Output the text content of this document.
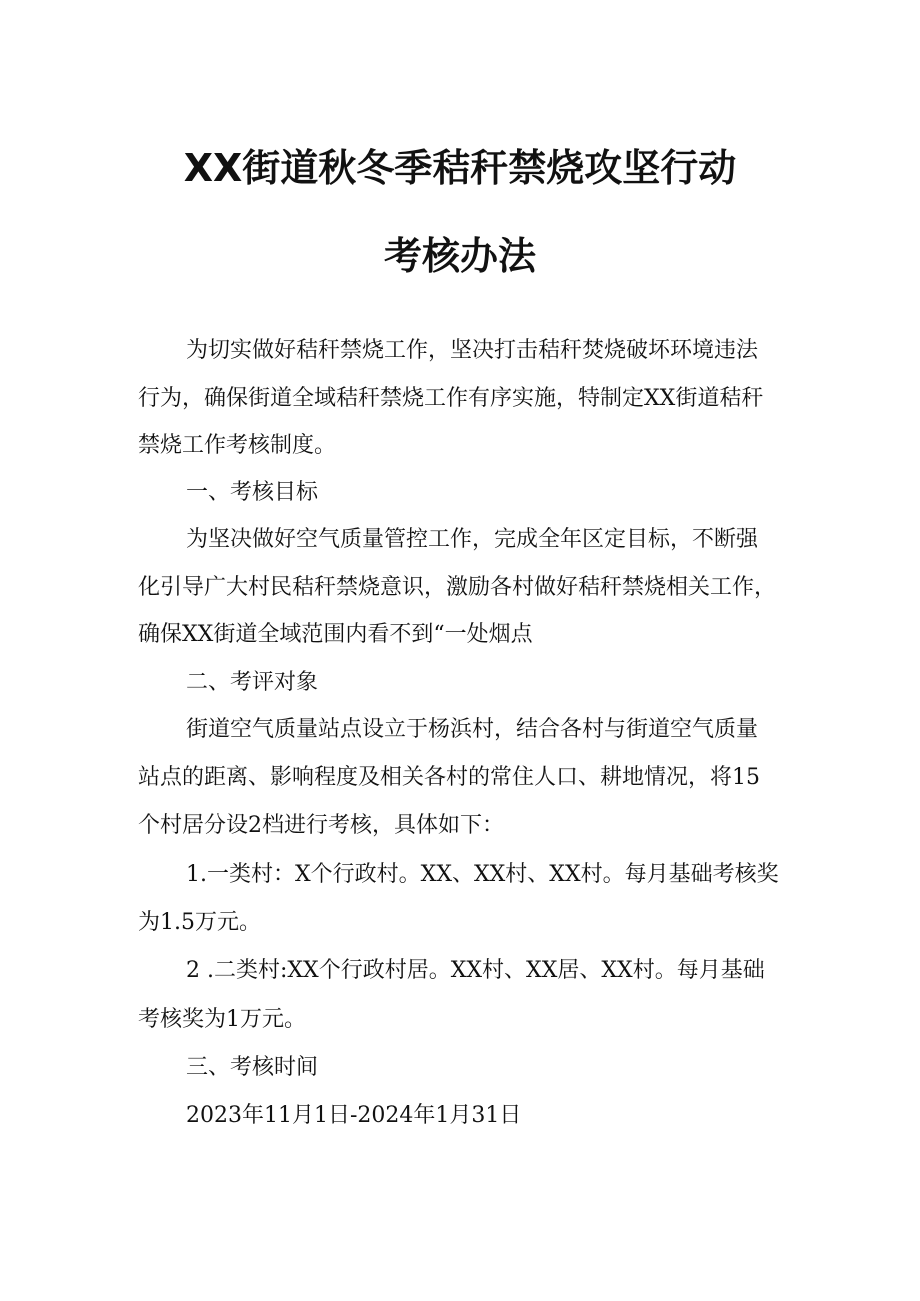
XX街道秋冬季秸秆禁烧攻坚行动
考核办法
为切实做好秸秆禁烧工作，坚决打击秸秆焚烧破坏环境违法
行为，确保街道全域秸秆禁烧工作有序实施，特制定XX街道秸秆
禁烧工作考核制度。
一、考核目标
为坚决做好空气质量管控工作，完成全年区定目标，不断强
化引导广大村民秸秆禁烧意识，激励各村做好秸秆禁烧相关工作，
确保XX街道全域范围内看不到“一处烟点
二、考评对象
街道空气质量站点设立于杨浜村，结合各村与街道空气质量
站点的距离、影响程度及相关各村的常住人口、耕地情况，将15
个村居分设2档进行考核，具体如下：
1.一类村：X个行政村。XX、XX村、XX村。每月基础考核奖
为1.5万元。
2 .二类村:XX个行政村居。XX村、XX居、XX村。每月基础
考核奖为1万元。
三、考核时间
2023年11月1日-2024年1月31日
